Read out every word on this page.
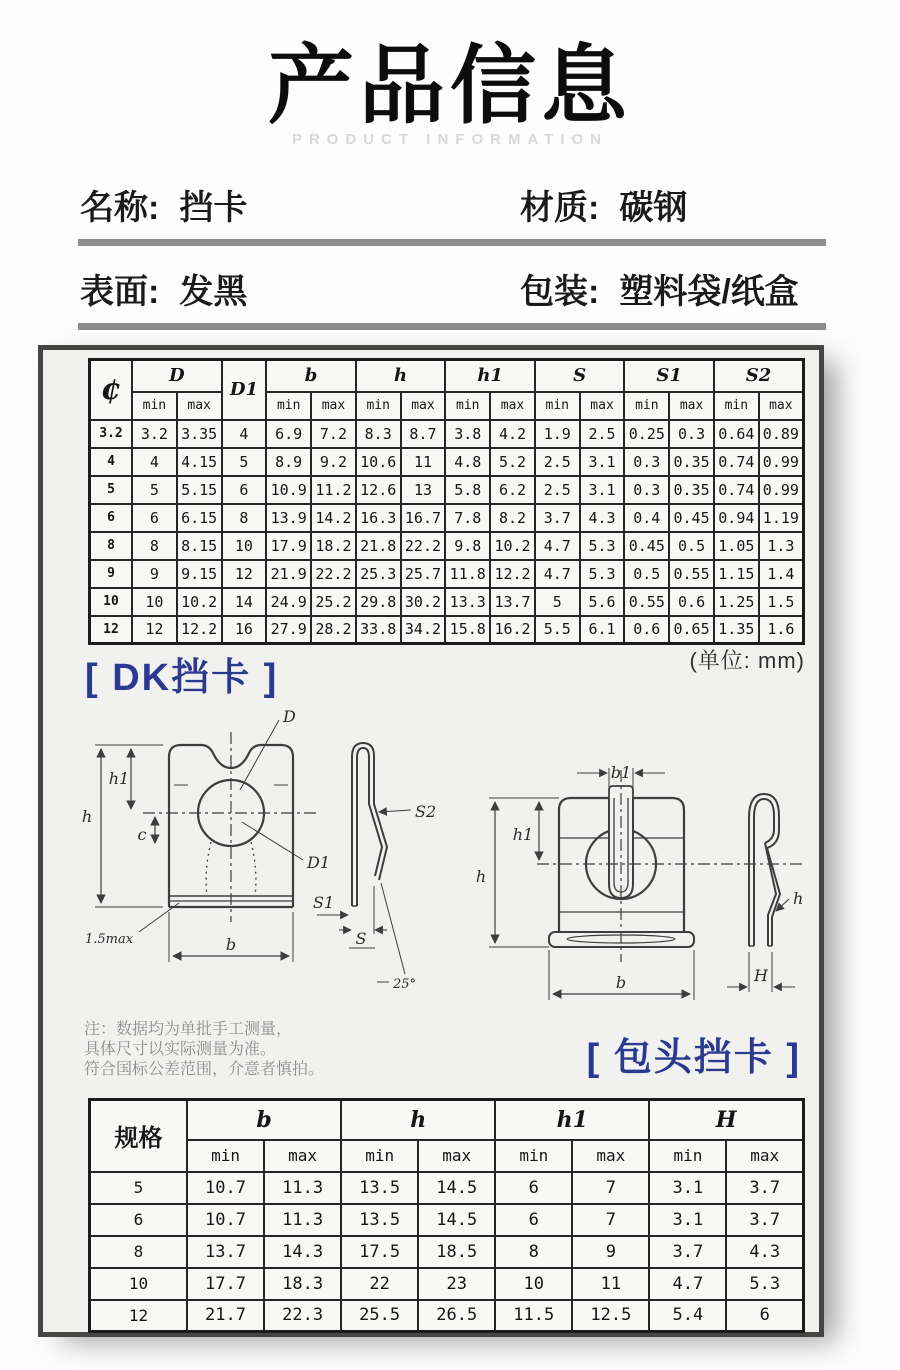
产品信息
PRODUCT INFORMATION
名称: 挡卡	材质: 碳钢
表面: 发黑	包装: 塑料袋/纸盒
¢	D		D1	b		h		h1		S		S1		S2	
	min	max		min	max	min	max	min	max	min	max	min	max	min	max
3.2	3.2	3.35	4	6.9	7.2	8.3	8.7	3.8	4.2	1.9	2.5	0.25	0.3	0.64	0.89
4	4	4.15	5	8.9	9.2	10.6	11	4.8	5.2	2.5	3.1	0.3	0.35	0.74	0.99
5	5	5.15	6	10.9	11.2	12.6	13	5.8	6.2	2.5	3.1	0.3	0.35	0.74	0.99
6	6	6.15	8	13.9	14.2	16.3	16.7	7.8	8.2	3.7	4.3	0.4	0.45	0.94	1.19
8	8	8.15	10	17.9	18.2	21.8	22.2	9.8	10.2	4.7	5.3	0.45	0.5	1.05	1.3
9	9	9.15	12	21.9	22.2	25.3	25.7	11.8	12.2	4.7	5.3	0.5	0.55	1.15	1.4
10	10	10.2	14	24.9	25.2	29.8	30.2	13.3	13.7	5	5.6	0.55	0.6	1.25	1.5
12	12	12.2	16	27.9	28.2	33.8	34.2	15.8	16.2	5.5	6.1	0.6	0.65	1.35	1.6
[ DK挡卡 ]	(单位: mm)
h
h1
c
1.5max	b
D
D1
S2
S1
S
25°
b1
h1
h
b
h
H
注：数据均为单批手工测量，
具体尺寸以实际测量为准。
符合国标公差范围，介意者慎拍。	[ 包头挡卡 ]
规格	b		h		h1		H	
	min	max	min	max	min	max	min	max
5	10.7	11.3	13.5	14.5	6	7	3.1	3.7
6	10.7	11.3	13.5	14.5	6	7	3.1	3.7
8	13.7	14.3	17.5	18.5	8	9	3.7	4.3
10	17.7	18.3	22	23	10	11	4.7	5.3
12	21.7	22.3	25.5	26.5	11.5	12.5	5.4	6
